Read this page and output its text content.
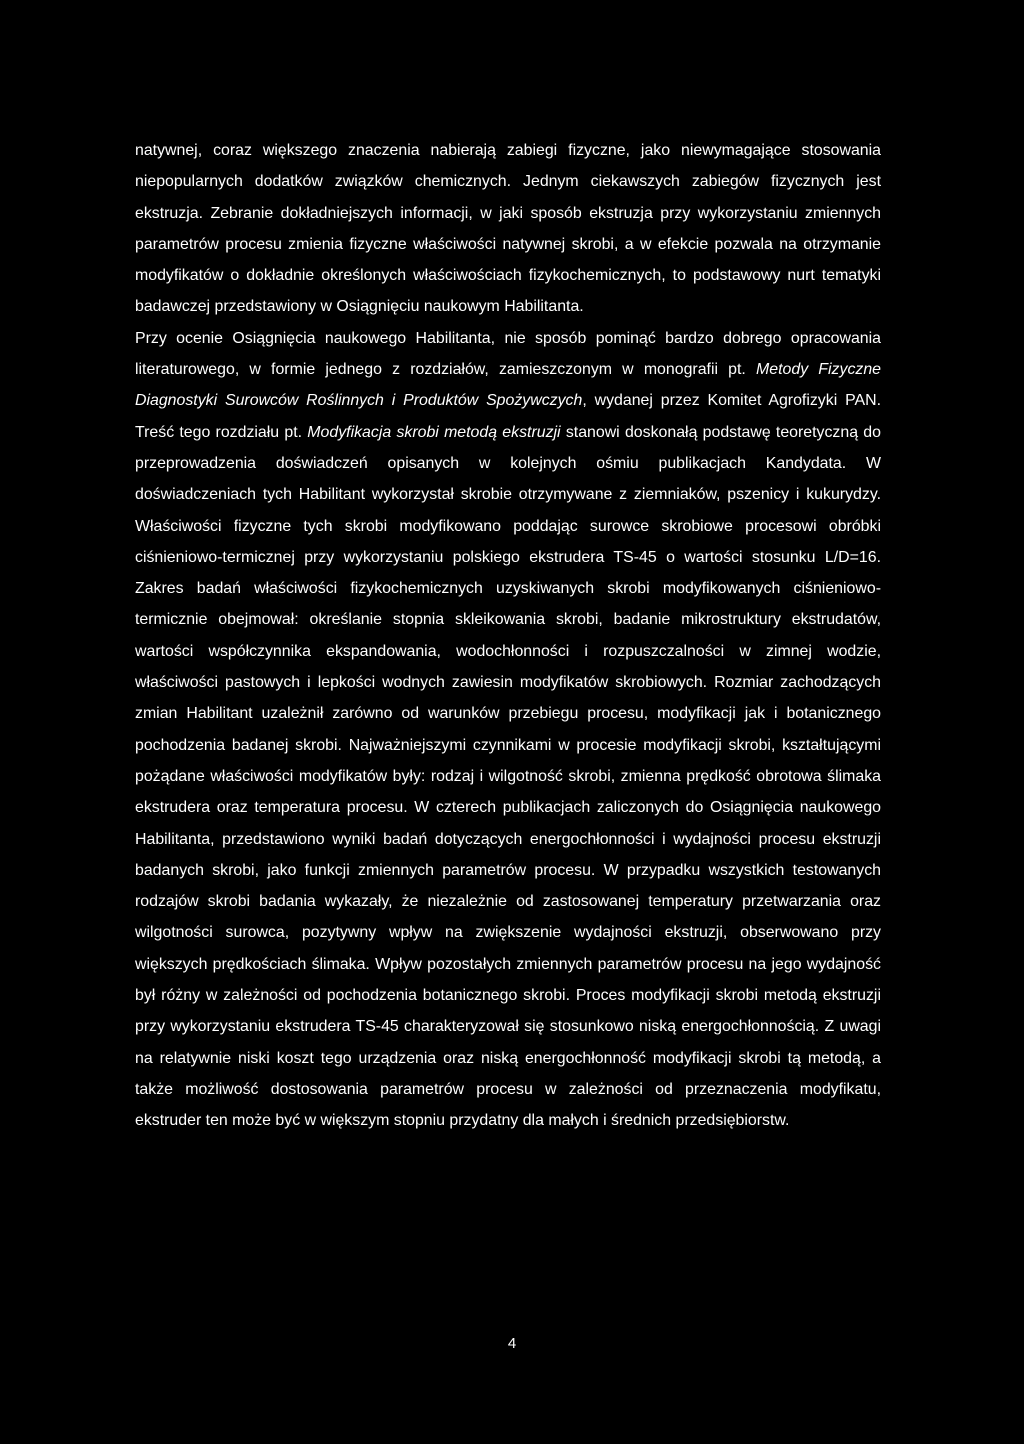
natywnej, coraz większego znaczenia nabierają zabiegi fizyczne, jako niewymagające stosowania niepopularnych dodatków związków chemicznych. Jednym ciekawszych zabiegów fizycznych jest ekstruzja. Zebranie dokładniejszych informacji, w jaki sposób ekstruzja przy wykorzystaniu zmiennych parametrów procesu zmienia fizyczne właściwości natywnej skrobi, a w efekcie pozwala na otrzymanie modyfikatów o dokładnie określonych właściwościach fizykochemicznych, to podstawowy nurt tematyki badawczej przedstawiony w Osiągnięciu naukowym Habilitanta.

Przy ocenie Osiągnięcia naukowego Habilitanta, nie sposób pominąć bardzo dobrego opracowania literaturowego, w formie jednego z rozdziałów, zamieszczonym w monografii pt. Metody Fizyczne Diagnostyki Surowców Roślinnych i Produktów Spożywczych, wydanej przez Komitet Agrofizyki PAN. Treść tego rozdziału pt. Modyfikacja skrobi metodą ekstruzji stanowi doskonałą podstawę teoretyczną do przeprowadzenia doświadczeń opisanych w kolejnych ośmiu publikacjach Kandydata. W doświadczeniach tych Habilitant wykorzystał skrobie otrzymywane z ziemniaków, pszenicy i kukurydzy. Właściwości fizyczne tych skrobi modyfikowano poddając surowce skrobiowe procesowi obróbki ciśnieniowo-termicznej przy wykorzystaniu polskiego ekstrudera TS-45 o wartości stosunku L/D=16. Zakres badań właściwości fizykochemicznych uzyskiwanych skrobi modyfikowanych ciśnieniowo-termicznie obejmował: określanie stopnia skleikowania skrobi, badanie mikrostruktury ekstrudatów, wartości współczynnika ekspandowania, wodochłonności i rozpuszczalności w zimnej wodzie, właściwości pastowych i lepkości wodnych zawiesin modyfikatów skrobiowych. Rozmiar zachodzących zmian Habilitant uzależnił zarówno od warunków przebiegu procesu, modyfikacji jak i botanicznego pochodzenia badanej skrobi. Najważniejszymi czynnikami w procesie modyfikacji skrobi, kształtującymi pożądane właściwości modyfikatów były: rodzaj i wilgotność skrobi, zmienna prędkość obrotowa ślimaka ekstrudera oraz temperatura procesu. W czterech publikacjach zaliczonych do Osiągnięcia naukowego Habilitanta, przedstawiono wyniki badań dotyczących energochłonności i wydajności procesu ekstruzji badanych skrobi, jako funkcji zmiennych parametrów procesu. W przypadku wszystkich testowanych rodzajów skrobi badania wykazały, że niezależnie od zastosowanej temperatury przetwarzania oraz wilgotności surowca, pozytywny wpływ na zwiększenie wydajności ekstruzji, obserwowano przy większych prędkościach ślimaka. Wpływ pozostałych zmiennych parametrów procesu na jego wydajność był różny w zależności od pochodzenia botanicznego skrobi. Proces modyfikacji skrobi metodą ekstruzji przy wykorzystaniu ekstrudera TS-45 charakteryzował się stosunkowo niską energochłonnością. Z uwagi na relatywnie niski koszt tego urządzenia oraz niską energochłonność modyfikacji skrobi tą metodą, a także możliwość dostosowania parametrów procesu w zależności od przeznaczenia modyfikatu, ekstruder ten może być w większym stopniu przydatny dla małych i średnich przedsiębiorstw.

4
